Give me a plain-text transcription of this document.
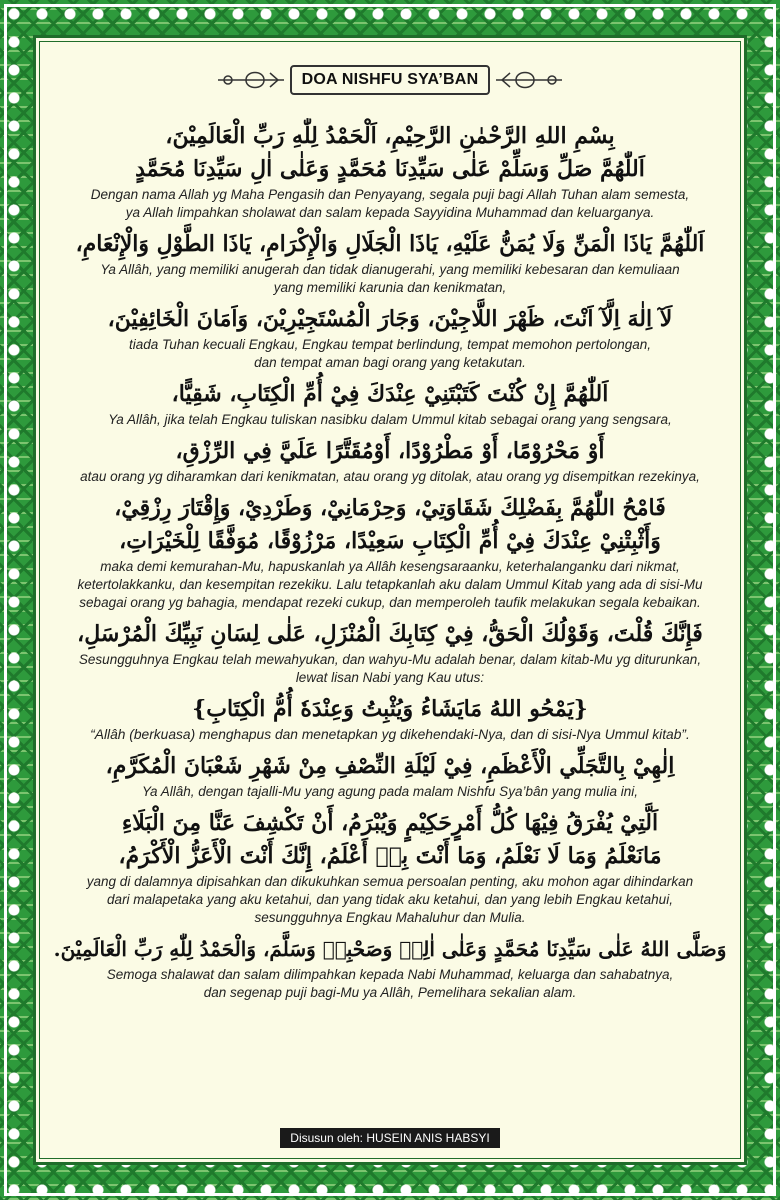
DOA NISHFU SYA’BAN
بِسْمِ اللهِ الرَّحْمٰنِ الرَّحِيْمِ، اَلْحَمْدُ لِلّٰهِ رَبِّ الْعَالَمِيْنَ،
اَللّٰهُمَّ صَلِّ وَسَلِّمْ عَلٰى سَيِّدِنَا مُحَمَّدٍ وَعَلٰى اٰلِ سَيِّدِنَا مُحَمَّدٍ
Dengan nama Allah yg Maha Pengasih dan Penyayang, segala puji bagi Allah Tuhan alam semesta,
ya Allah limpahkan sholawat dan salam kepada Sayyidina Muhammad dan keluarganya.
اَللّٰهُمَّ يَاذَا الْمَنِّ وَلَا يُمَنُّ عَلَيْهِ، يَاذَا الْجَلَالِ وَالْإِكْرَامِ، يَاذَا الطَّوْلِ وَالْإِنْعَامِ،
Ya Allâh, yang memiliki anugerah dan tidak dianugerahi, yang memiliki kebesaran dan kemuliaan
yang memiliki karunia dan kenikmatan,
لَآ اِلٰهَ اِلَّآ اَنْتَ، ظَهْرَ اللَّاجِيْنَ، وَجَارَ الْمُسْتَجِيْرِيْنَ، وَاَمَانَ الْخَائِفِيْنَ،
tiada Tuhan kecuali Engkau, Engkau tempat berlindung, tempat memohon pertolongan,
dan tempat aman bagi orang yang ketakutan.
اَللّٰهُمَّ إِنْ كُنْتَ كَتَبْتَنِيْ عِنْدَكَ فِيْ أُمِّ الْكِتَابِ، شَقِيًّا،
Ya Allâh, jika telah Engkau tuliskan nasibku dalam Ummul kitab sebagai orang yang sengsara,
أَوْ مَحْرُوْمًا، أَوْ مَطْرُوْدًا، أَوْمُقَتَّرًا عَلَيَّ فِي الرِّزْقِ،
atau orang yg diharamkan dari kenikmatan, atau orang yg ditolak, atau orang yg disempitkan rezekinya,
فَامْحُ اللّٰهُمَّ بِفَضْلِكَ شَقَاوَتِيْ، وَحِرْمَانِيْ، وَطَرْدِيْ، وَإِقْتَارَ رِزْقِيْ،
وَأَثْبِتْنِيْ عِنْدَكَ فِيْ أُمِّ الْكِتَابِ سَعِيْدًا، مَرْزُوْقًا، مُوَفَّقًا لِلْخَيْرَاتِ،
maka demi kemurahan-Mu, hapuskanlah ya Allâh kesengsaraanku, keterhalanganku dari nikmat,
ketertolakkanku, dan kesempitan rezekiku. Lalu tetapkanlah aku dalam Ummul Kitab yang ada di sisi-Mu
sebagai orang yg bahagia, mendapat rezeki cukup, dan memperoleh taufik melakukan segala kebaikan.
فَإِنَّكَ قُلْتَ، وَقَوْلُكَ الْحَقُّ، فِيْ كِتَابِكَ الْمُنْزَلِ، عَلٰى لِسَانِ نَبِيِّكَ الْمُرْسَلِ،
Sesungguhnya Engkau telah mewahyukan, dan wahyu-Mu adalah benar, dalam kitab-Mu yg diturunkan,
lewat lisan Nabi yang Kau utus:
{يَمْحُو اللهُ مَايَشَاءُ وَيُثْبِتُ وَعِنْدَهٗ أُمُّ الْكِتَابِ}
“Allâh (berkuasa) menghapus dan menetapkan yg dikehendaki-Nya, dan di sisi-Nya Ummul kitab”.
اِلٰهِيْ بِالتَّجَلِّي الْأَعْظَمِ، فِيْ لَيْلَةِ النِّصْفِ مِنْ شَهْرِ شَعْبَانَ الْمُكَرَّمِ،
Ya Allâh, dengan tajalli-Mu yang agung pada malam Nishfu Sya’bân yang mulia ini,
اَلَّتِيْ يُفْرَقُ فِيْهَا كُلُّ أَمْرٍحَكِيْمٍ وَيُبْرَمُ، أَنْ تَكْشِفَ عَنَّا مِنَ الْبَلَاءِ
مَانَعْلَمُ وَمَا لَا نَعْلَمُ، وَمَا أَنْتَ بِهٖ أَعْلَمُ، إِنَّكَ أَنْتَ الْأَعَزُّ الْأَكْرَمُ،
yang di dalamnya dipisahkan dan dikukuhkan semua persoalan penting, aku mohon agar dihindarkan
dari malapetaka yang aku ketahui, dan yang tidak aku ketahui, dan yang lebih Engkau ketahui,
sesungguhnya Engkau Mahaluhur dan Mulia.
وَصَلَّى اللهُ عَلٰى سَيِّدِنَا مُحَمَّدٍ وَعَلٰى اٰلِهٖ وَصَحْبِهٖ وَسَلَّمَ، وَالْحَمْدُ لِلّٰهِ رَبِّ الْعَالَمِيْنَ.
Semoga shalawat dan salam dilimpahkan kepada Nabi Muhammad, keluarga dan sahabatnya,
dan segenap puji bagi-Mu ya Allâh, Pemelihara sekalian alam.
Disusun oleh: HUSEIN ANIS HABSYI
